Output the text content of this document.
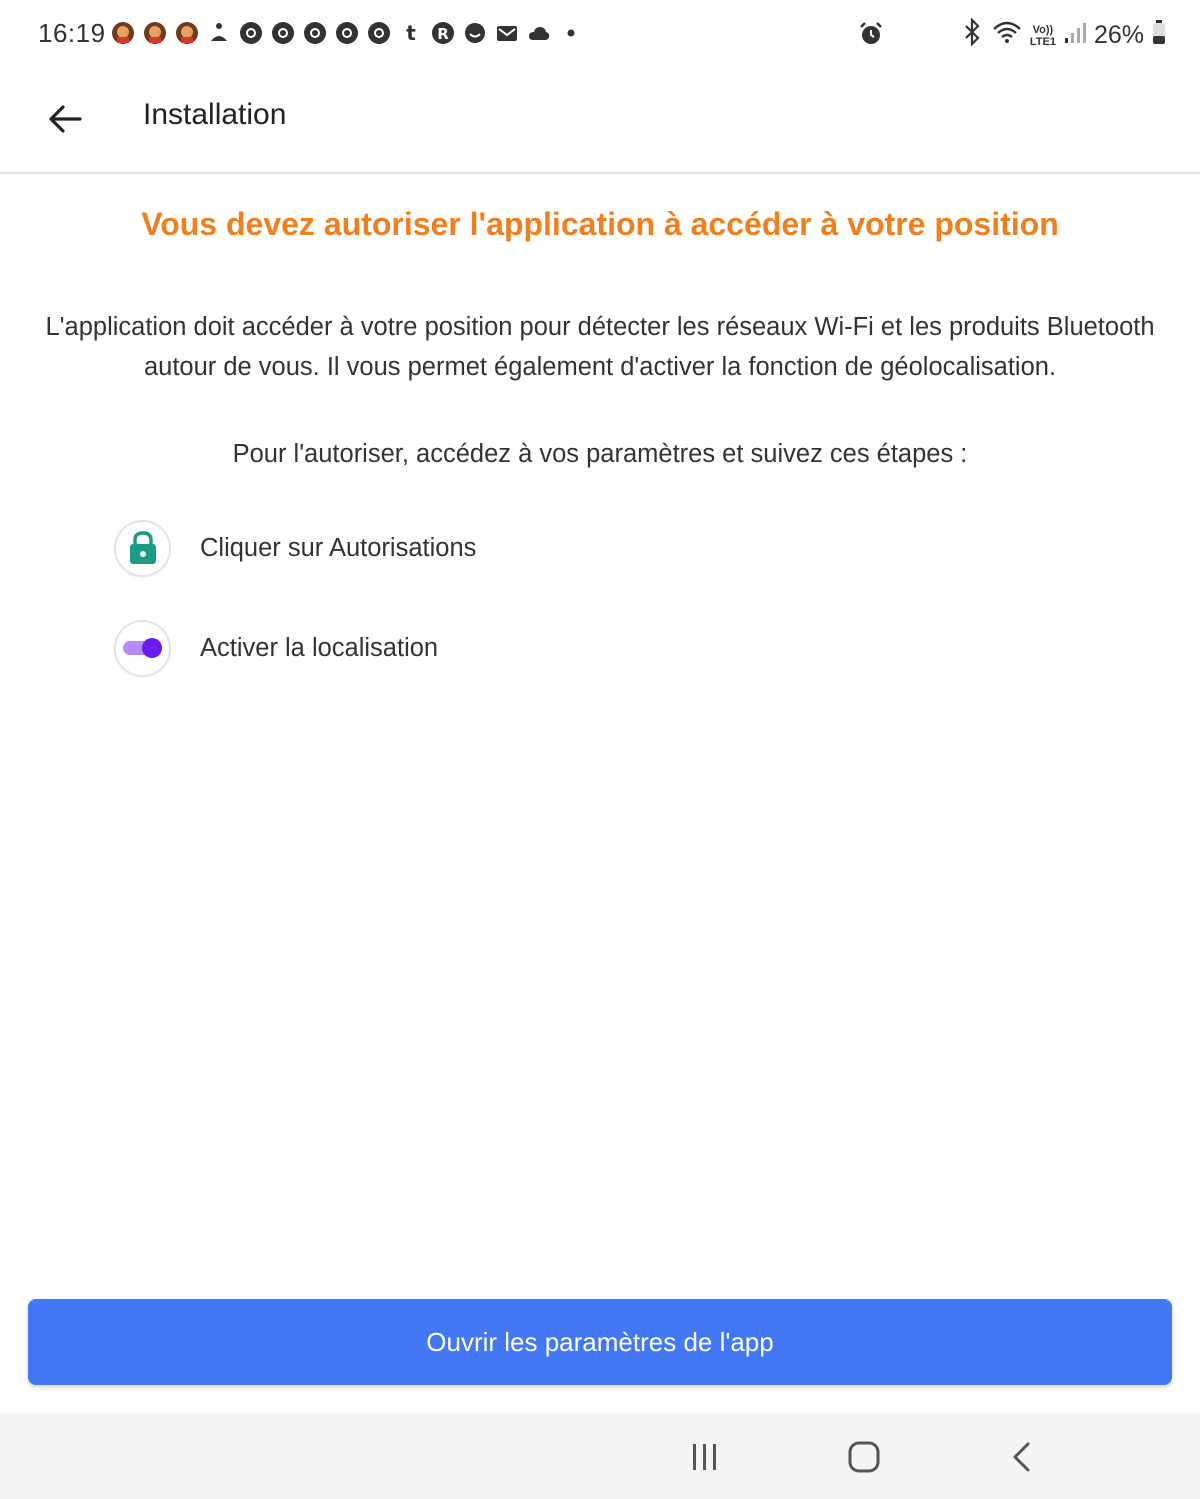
16:19	t R	Vo))
LTE1 26%
Installation
Vous devez autoriser l'application à accéder à votre position
L'application doit accéder à votre position pour détecter les réseaux Wi-Fi et les produits Bluetooth autour de vous. Il vous permet également d'activer la fonction de géolocalisation.
Pour l'autoriser, accédez à vos paramètres et suivez ces étapes :
Cliquer sur Autorisations
Activer la localisation
Ouvrir les paramètres de l'app
